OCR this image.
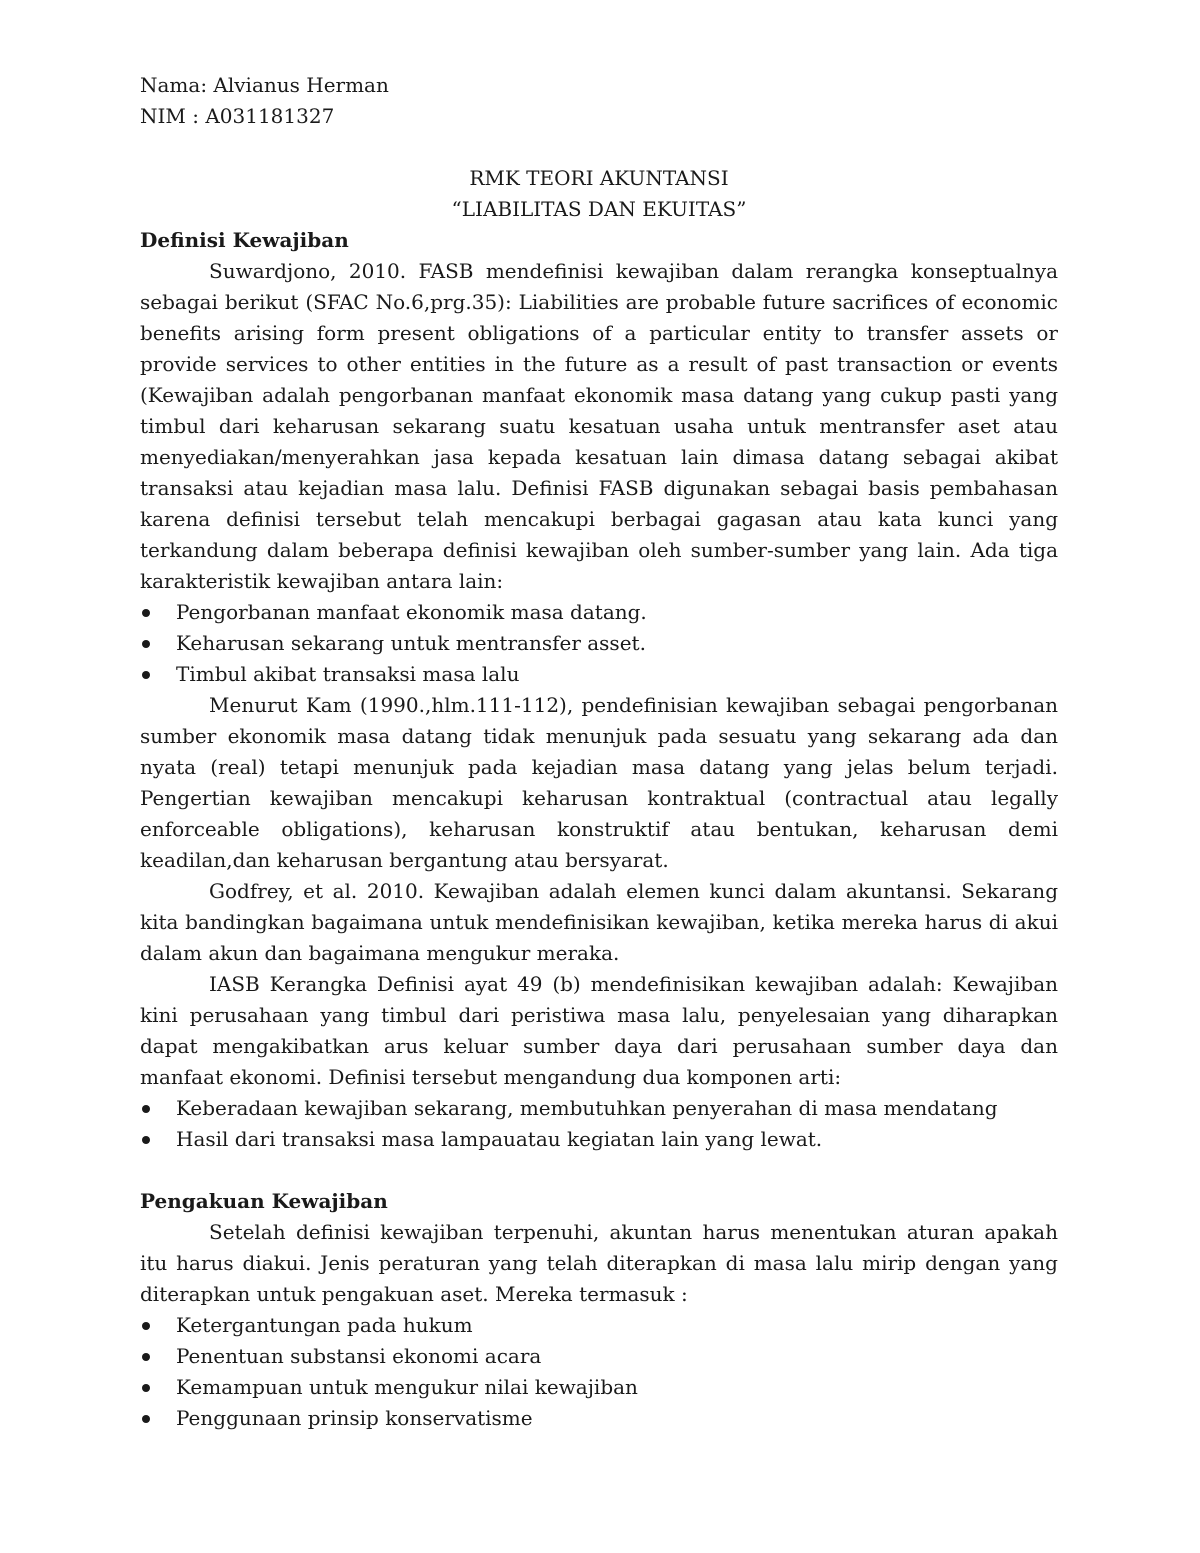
Nama: Alvianus Herman

NIM : A031181327

RMK TEORI AKUNTANSI

“LIABILITAS DAN EKUITAS”

Definisi Kewajiban

Suwardjono, 2010. FASB mendefinisi kewajiban dalam rerangka konseptualnya sebagai berikut (SFAC No.6,prg.35): Liabilities are probable future sacrifices of economic benefits arising form present obligations of a particular entity to transfer assets or provide services to other entities in the future as a result of past transaction or events (Kewajiban adalah pengorbanan manfaat ekonomik masa datang yang cukup pasti yang timbul dari keharusan sekarang suatu kesatuan usaha untuk mentransfer aset atau menyediakan/menyerahkan jasa kepada kesatuan lain dimasa datang sebagai akibat transaksi atau kejadian masa lalu. Definisi FASB digunakan sebagai basis pembahasan karena definisi tersebut telah mencakupi berbagai gagasan atau kata kunci yang terkandung dalam beberapa definisi kewajiban oleh sumber-sumber yang lain. Ada tiga karakteristik kewajiban antara lain:

Pengorbanan manfaat ekonomik masa datang.
Keharusan sekarang untuk mentransfer asset.
Timbul akibat transaksi masa lalu

Menurut Kam (1990.,hlm.111-112), pendefinisian kewajiban sebagai pengorbanan sumber ekonomik masa datang tidak menunjuk pada sesuatu yang sekarang ada dan nyata (real) tetapi menunjuk pada kejadian masa datang yang jelas belum terjadi. Pengertian kewajiban mencakupi keharusan kontraktual (contractual atau legally enforceable obligations), keharusan konstruktif atau bentukan, keharusan demi keadilan,dan keharusan bergantung atau bersyarat.

Godfrey, et al. 2010. Kewajiban adalah elemen kunci dalam akuntansi. Sekarang kita bandingkan bagaimana untuk mendefinisikan kewajiban, ketika mereka harus di akui dalam akun dan bagaimana mengukur meraka.

IASB Kerangka Definisi ayat 49 (b) mendefinisikan kewajiban adalah: Kewajiban kini perusahaan yang timbul dari peristiwa masa lalu, penyelesaian yang diharapkan dapat mengakibatkan arus keluar sumber daya dari perusahaan sumber daya dan manfaat ekonomi. Definisi tersebut mengandung dua komponen arti:

Keberadaan kewajiban sekarang, membutuhkan penyerahan di masa mendatang
Hasil dari transaksi masa lampauatau kegiatan lain yang lewat.

Pengakuan Kewajiban

Setelah definisi kewajiban terpenuhi, akuntan harus menentukan aturan apakah itu harus diakui. Jenis peraturan yang telah diterapkan di masa lalu mirip dengan yang diterapkan untuk pengakuan aset. Mereka termasuk :

Ketergantungan pada hukum
Penentuan substansi ekonomi acara
Kemampuan untuk mengukur nilai kewajiban
Penggunaan prinsip konservatisme
